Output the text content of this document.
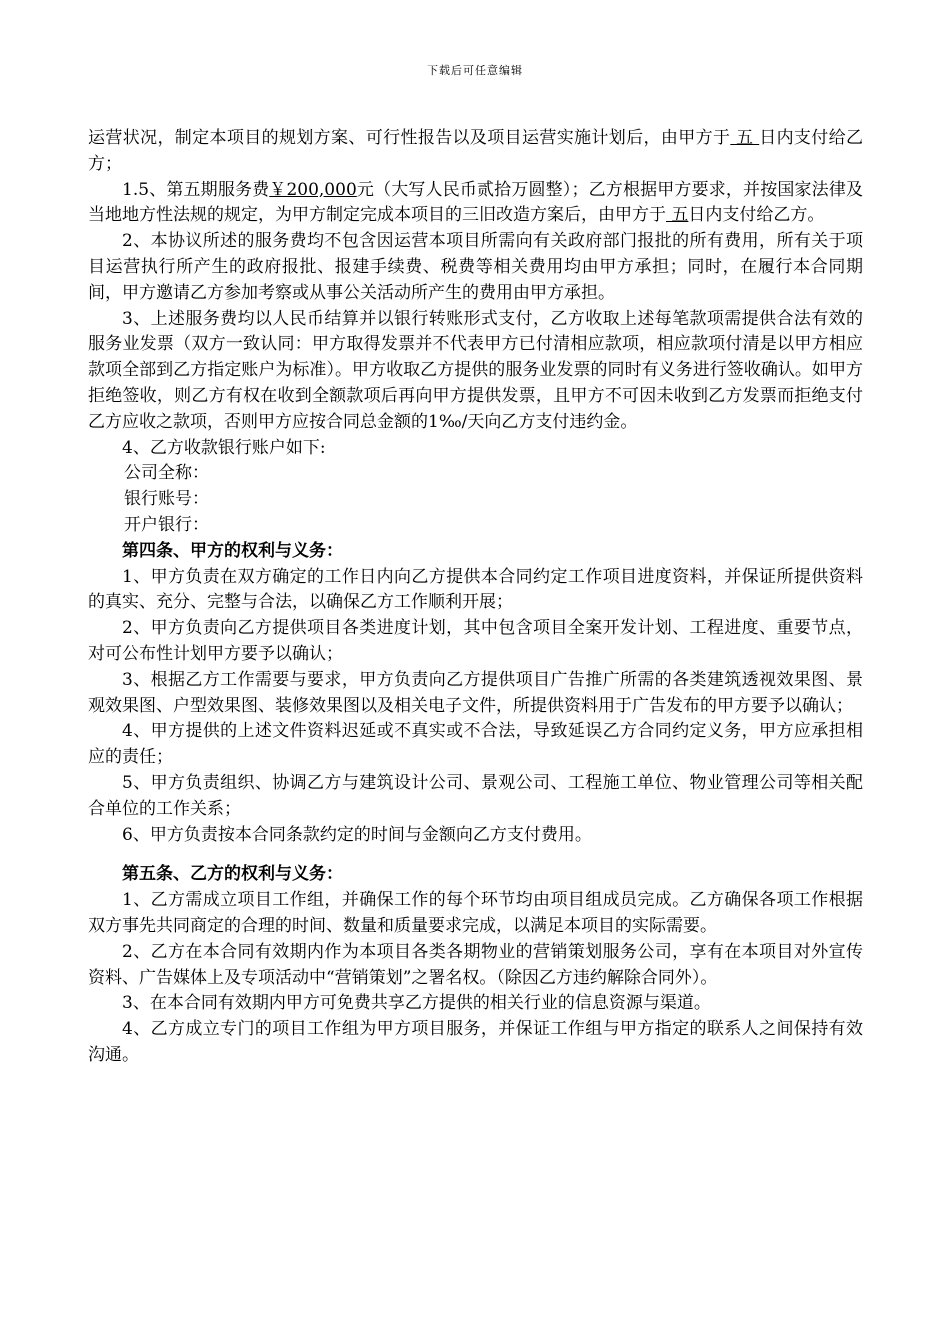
下载后可任意编辑

运营状况，制定本项目的规划方案、可行性报告以及项目运营实施计划后，由甲方于 五 日内支付给乙方；

1.5、第五期服务费￥200,000元（大写人民币贰拾万圆整）；乙方根据甲方要求，并按国家法律及当地地方性法规的规定，为甲方制定完成本项目的三旧改造方案后，由甲方于 五日内支付给乙方。

2、本协议所述的服务费均不包含因运营本项目所需向有关政府部门报批的所有费用，所有关于项目运营执行所产生的政府报批、报建手续费、税费等相关费用均由甲方承担；同时，在履行本合同期间，甲方邀请乙方参加考察或从事公关活动所产生的费用由甲方承担。

3、上述服务费均以人民币结算并以银行转账形式支付，乙方收取上述每笔款项需提供合法有效的服务业发票（双方一致认同：甲方取得发票并不代表甲方已付清相应款项，相应款项付清是以甲方相应款项全部到乙方指定账户为标准）。甲方收取乙方提供的服务业发票的同时有义务进行签收确认。如甲方拒绝签收，则乙方有权在收到全额款项后再向甲方提供发票，且甲方不可因未收到乙方发票而拒绝支付乙方应收之款项，否则甲方应按合同总金额的1‰/天向乙方支付违约金。

4、乙方收款银行账户如下:

公司全称：

银行账号：

开户银行：

第四条、甲方的权利与义务：

1、甲方负责在双方确定的工作日内向乙方提供本合同约定工作项目进度资料，并保证所提供资料的真实、充分、完整与合法，以确保乙方工作顺利开展；

2、甲方负责向乙方提供项目各类进度计划，其中包含项目全案开发计划、工程进度、重要节点，对可公布性计划甲方要予以确认；

3、根据乙方工作需要与要求，甲方负责向乙方提供项目广告推广所需的各类建筑透视效果图、景观效果图、户型效果图、装修效果图以及相关电子文件，所提供资料用于广告发布的甲方要予以确认；

4、甲方提供的上述文件资料迟延或不真实或不合法，导致延误乙方合同约定义务，甲方应承担相应的责任；

5、甲方负责组织、协调乙方与建筑设计公司、景观公司、工程施工单位、物业管理公司等相关配合单位的工作关系；

6、甲方负责按本合同条款约定的时间与金额向乙方支付费用。

第五条、乙方的权利与义务：

1、乙方需成立项目工作组，并确保工作的每个环节均由项目组成员完成。乙方确保各项工作根据双方事先共同商定的合理的时间、数量和质量要求完成，以满足本项目的实际需要。

2、乙方在本合同有效期内作为本项目各类各期物业的营销策划服务公司，享有在本项目对外宣传资料、广告媒体上及专项活动中“营销策划”之署名权。（除因乙方违约解除合同外）。

3、在本合同有效期内甲方可免费共享乙方提供的相关行业的信息资源与渠道。

4、乙方成立专门的项目工作组为甲方项目服务，并保证工作组与甲方指定的联系人之间保持有效沟通。
